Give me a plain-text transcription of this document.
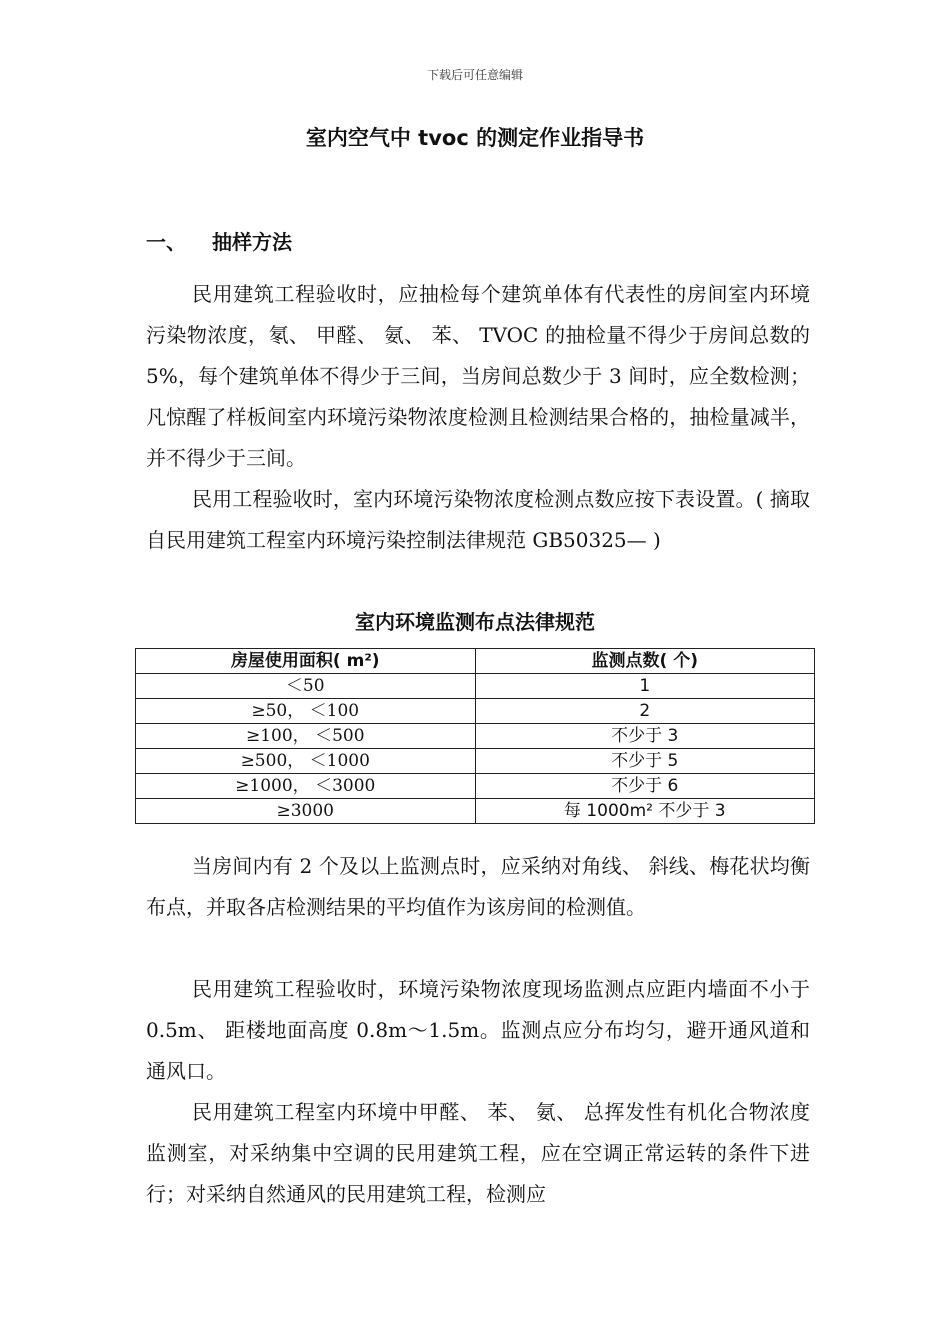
下载后可任意编辑
室内空气中 tvoc 的测定作业指导书
一、 抽样方法

民用建筑工程验收时，应抽检每个建筑单体有代表性的房间室内环境污染物浓度，氡、 甲醛、 氨、 苯、 TVOC 的抽检量不得少于房间总数的 5%，每个建筑单体不得少于三间，当房间总数少于 3 间时，应全数检测；凡惊醒了样板间室内环境污染物浓度检测且检测结果合格的，抽检量减半，并不得少于三间。

民用工程验收时，室内环境污染物浓度检测点数应按下表设置。( 摘取自民用建筑工程室内环境污染控制法律规范 GB50325— )

室内环境监测布点法律规范
房屋使用面积( m²)	监测点数( 个)
＜50	1
≥50， ＜100	2
≥100， ＜500	不少于 3
≥500， ＜1000	不少于 5
≥1000， ＜3000	不少于 6
≥3000	每 1000m² 不少于 3

当房间内有 2 个及以上监测点时，应采纳对角线、 斜线、梅花状均衡布点，并取各店检测结果的平均值作为该房间的检测值。

民用建筑工程验收时，环境污染物浓度现场监测点应距内墙面不小于 0.5m、 距楼地面高度 0.8m～1.5m。监测点应分布均匀，避开通风道和通风口。

民用建筑工程室内环境中甲醛、 苯、 氨、 总挥发性有机化合物浓度监测室，对采纳集中空调的民用建筑工程，应在空调正常运转的条件下进行；对采纳自然通风的民用建筑工程，检测应
